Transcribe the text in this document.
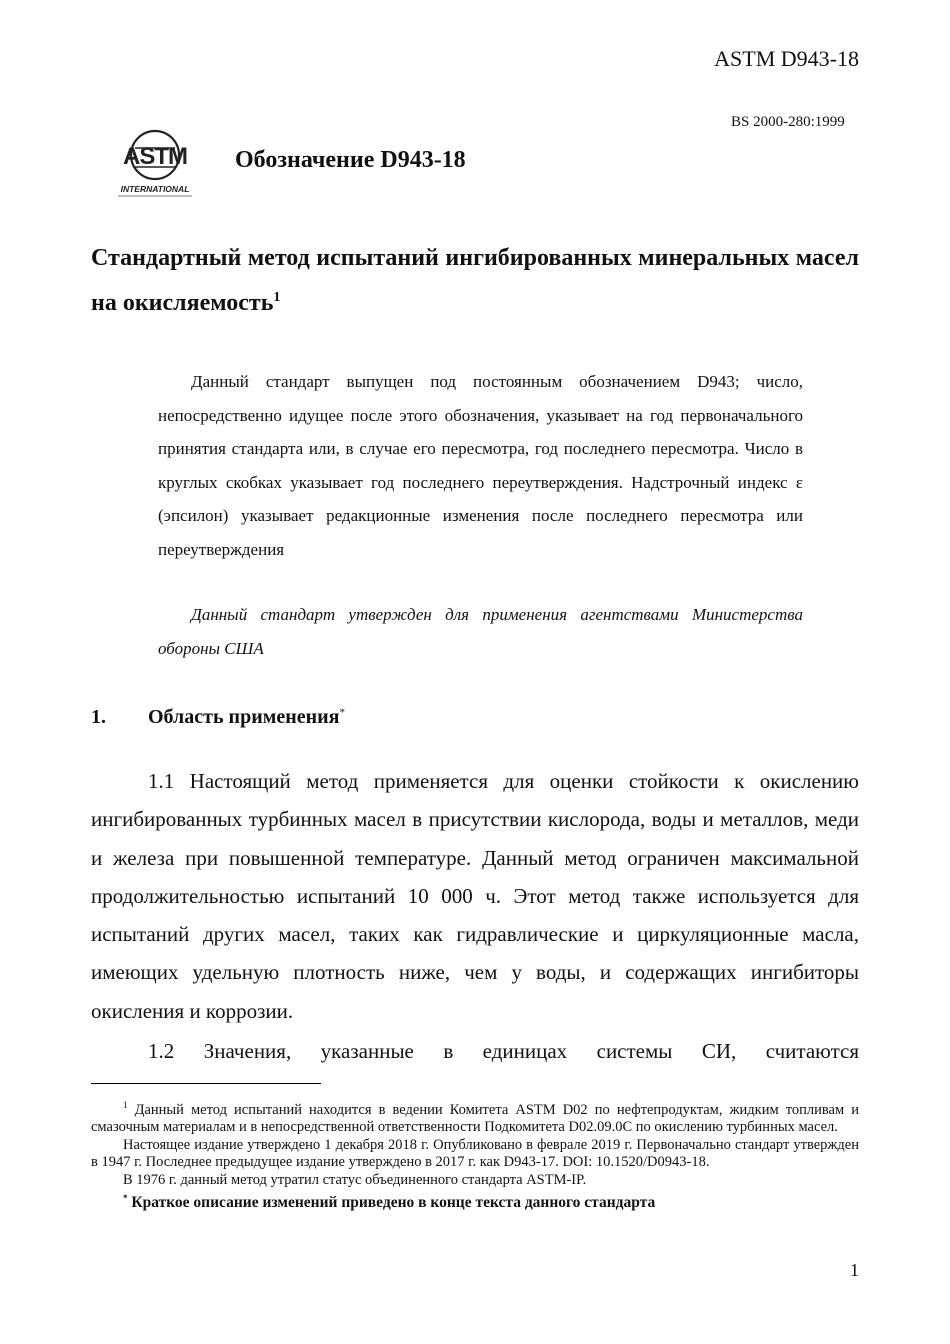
ASTM D943-18
BS 2000-280:1999
ASTM
INTERNATIONAL
Обозначение D943-18
Стандартный метод испытаний ингибированных минеральных масел на окисляемость$^1$

Данный стандарт выпущен под постоянным обозначением D943; число, непосредственно идущее после этого обозначения, указывает на год первоначального принятия стандарта или, в случае его пересмотра, год последнего пересмотра. Число в круглых скобках указывает год последнего переутверждения. Надстрочный индекс ε (эпсилон) указывает редакционные изменения после последнего пересмотра или переутверждения

Данный стандарт утвержден для применения агентствами Министерства обороны США

1. Область применения*

1.1 Настоящий метод применяется для оценки стойкости к окислению ингибированных турбинных масел в присутствии кислорода, воды и металлов, меди и железа при повышенной температуре. Данный метод ограничен максимальной продолжительностью испытаний 10 000 ч. Этот метод также используется для испытаний других масел, таких как гидравлические и циркуляционные масла, имеющих удельную плотность ниже, чем у воды, и содержащих ингибиторы окисления и коррозии.

1.2 Значения, указанные в единицах системы СИ, считаются

$^1$ Данный метод испытаний находится в ведении Комитета ASTM D02 по нефтепродуктам, жидким топливам и смазочным материалам и в непосредственной ответственности Подкомитета D02.09.0C по окислению турбинных масел.

Настоящее издание утверждено 1 декабря 2018 г. Опубликовано в феврале 2019 г. Первоначально стандарт утвержден в 1947 г. Последнее предыдущее издание утверждено в 2017 г. как D943-17. DOI: 10.1520/D0943-18.

В 1976 г. данный метод утратил статус объединенного стандарта ASTM-IP.

* Краткое описание изменений приведено в конце текста данного стандарта

1
